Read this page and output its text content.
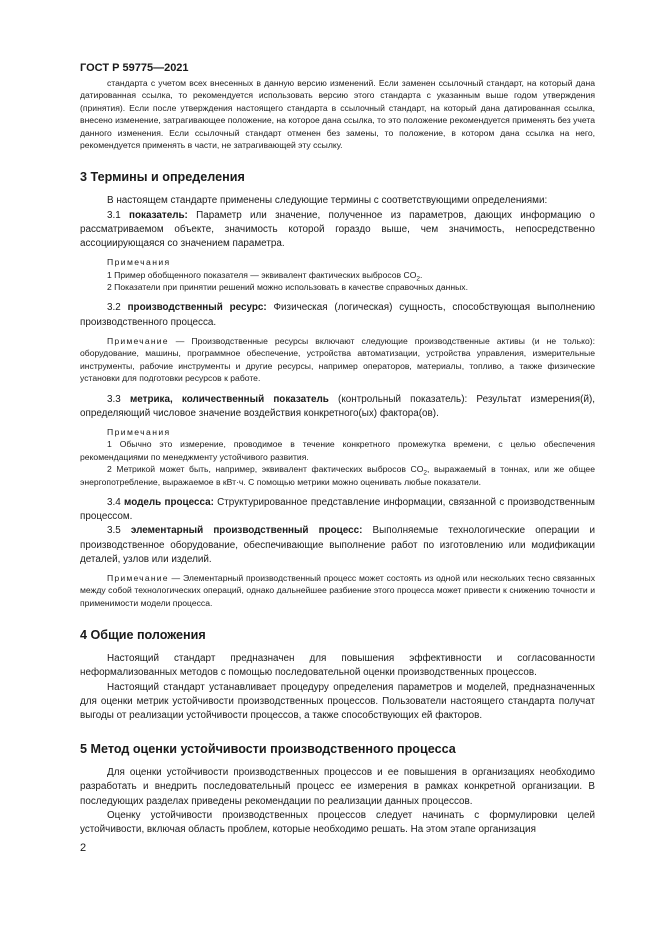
ГОСТ Р 59775—2021

стандарта с учетом всех внесенных в данную версию изменений. Если заменен ссылочный стандарт, на который дана датированная ссылка, то рекомендуется использовать версию этого стандарта с указанным выше годом утверждения (принятия). Если после утверждения настоящего стандарта в ссылочный стандарт, на который дана датированная ссылка, внесено изменение, затрагивающее положение, на которое дана ссылка, то это положение рекомендуется применять без учета данного изменения. Если ссылочный стандарт отменен без замены, то положение, в котором дана ссылка на него, рекомендуется применять в части, не затрагивающей эту ссылку.

3 Термины и определения

В настоящем стандарте применены следующие термины с соответствующими определениями:

3.1 показатель: Параметр или значение, полученное из параметров, дающих информацию о рассматриваемом объекте, значимость которой гораздо выше, чем значимость, непосредственно ассоциирующаяся со значением параметра.

Примечания

1 Пример обобщенного показателя — эквивалент фактических выбросов $CO_2$.

2 Показатели при принятии решений можно использовать в качестве справочных данных.

3.2 производственный ресурс: Физическая (логическая) сущность, способствующая выполнению производственного процесса.

Примечание — Производственные ресурсы включают следующие производственные активы (и не только): оборудование, машины, программное обеспечение, устройства автоматизации, устройства управления, измерительные инструменты, рабочие инструменты и другие ресурсы, например операторов, материалы, топливо, а также физические установки для подготовки ресурсов к работе.

3.3 метрика, количественный показатель (контрольный показатель): Результат измерения(й), определяющий числовое значение воздействия конкретного(ых) фактора(ов).

Примечания

1 Обычно это измерение, проводимое в течение конкретного промежутка времени, с целью обеспечения рекомендациями по менеджменту устойчивого развития.

2 Метрикой может быть, например, эквивалент фактических выбросов $CO_2$, выражаемый в тоннах, или же общее энергопотребление, выражаемое в кВт·ч. С помощью метрики можно оценивать любые показатели.

3.4 модель процесса: Структурированное представление информации, связанной с производственным процессом.

3.5 элементарный производственный процесс: Выполняемые технологические операции и производственное оборудование, обеспечивающие выполнение работ по изготовлению или модификации деталей, узлов или изделий.

Примечание — Элементарный производственный процесс может состоять из одной или нескольких тесно связанных между собой технологических операций, однако дальнейшее разбиение этого процесса может привести к снижению точности и применимости модели процесса.

4 Общие положения

Настоящий стандарт предназначен для повышения эффективности и согласованности неформализованных методов с помощью последовательной оценки производственных процессов.

Настоящий стандарт устанавливает процедуру определения параметров и моделей, предназначенных для оценки метрик устойчивости производственных процессов. Пользователи настоящего стандарта получат выгоды от реализации устойчивости процессов, а также способствующих ей факторов.

5 Метод оценки устойчивости производственного процесса

Для оценки устойчивости производственных процессов и ее повышения в организациях необходимо разработать и внедрить последовательный процесс ее измерения в рамках конкретной организации. В последующих разделах приведены рекомендации по реализации данных процессов.

Оценку устойчивости производственных процессов следует начинать с формулировки целей устойчивости, включая область проблем, которые необходимо решать. На этом этапе организация

2
